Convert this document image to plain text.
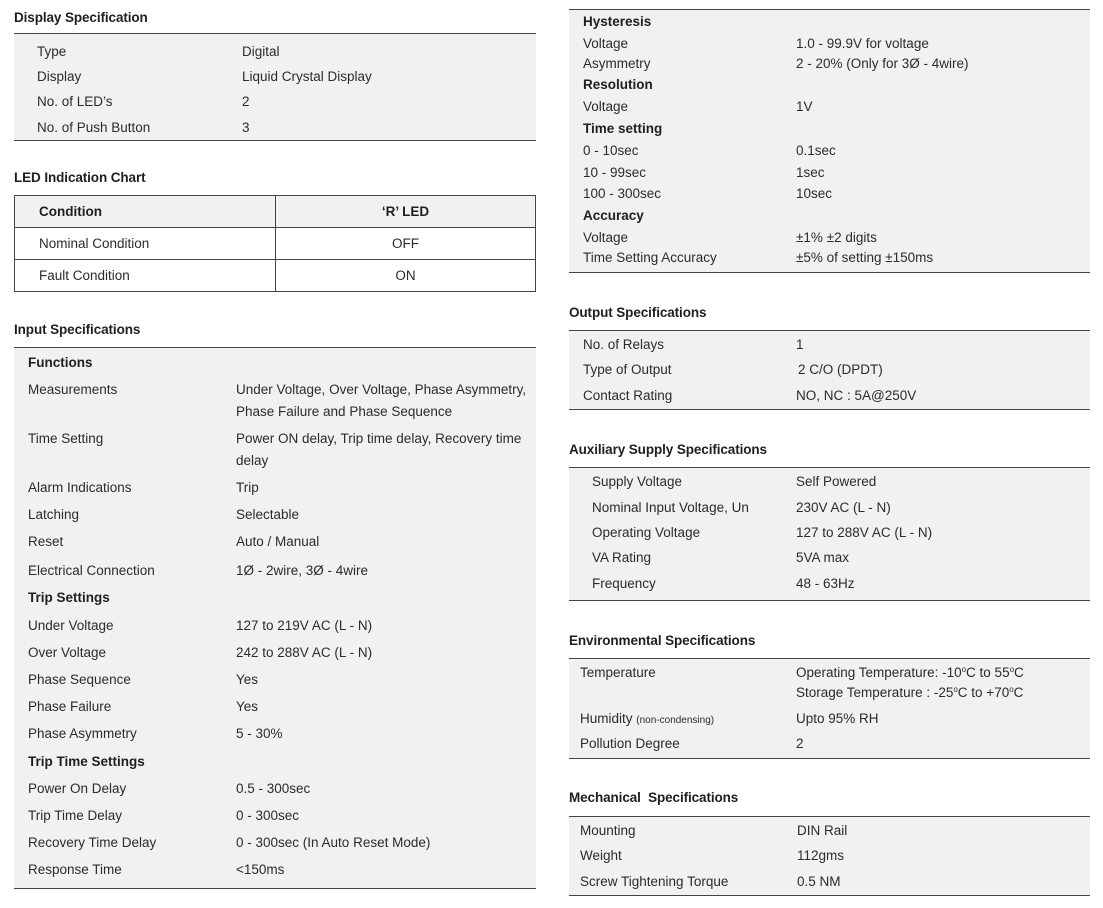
Display Specification
Type	Digital
Display	Liquid Crystal Display
No. of LED’s	2
No. of Push Button	3
LED Indication Chart
Condition	‘R’ LED
Nominal Condition	OFF
Fault Condition	ON
Input Specifications
Functions
Measurements	Under Voltage, Over Voltage, Phase Asymmetry,
Phase Failure and Phase Sequence
Time Setting	Power ON delay, Trip time delay, Recovery time
delay
Alarm Indications	Trip
Latching	Selectable
Reset	Auto / Manual
Electrical Connection	1Ø - 2wire, 3Ø - 4wire
Trip Settings
Under Voltage	127 to 219V AC (L - N)
Over Voltage	242 to 288V AC (L - N)
Phase Sequence	Yes
Phase Failure	Yes
Phase Asymmetry	5 - 30%
Trip Time Settings
Power On Delay	0.5 - 300sec
Trip Time Delay	0 - 300sec
Recovery Time Delay	0 - 300sec (In Auto Reset Mode)
Response Time	<150ms
Hysteresis
Voltage	1.0 - 99.9V for voltage
Asymmetry	2 - 20% (Only for 3Ø - 4wire)
Resolution
Voltage	1V
Time setting
0 - 10sec	0.1sec
10 - 99sec	1sec
100 - 300sec	10sec
Accuracy
Voltage	±1% ±2 digits
Time Setting Accuracy	±5% of setting ±150ms
Output Specifications
No. of Relays	1
Type of Output	2 C/O (DPDT)
Contact Rating	NO, NC : 5A@250V
Auxiliary Supply Specifications
Supply Voltage	Self Powered
Nominal Input Voltage, Un	230V AC (L - N)
Operating Voltage	127 to 288V AC (L - N)
VA Rating	5VA max
Frequency	48 - 63Hz
Environmental Specifications
Temperature	Operating Temperature: -10$^o$C to 55$^o$C
Storage Temperature : -25$^o$C to $+70^oC$
Humidity (non-condensing)	Upto 95% RH
Pollution Degree	2
Mechanical  Specifications
Mounting	DIN Rail
Weight	112gms
Screw Tightening Torque	0.5 NM
